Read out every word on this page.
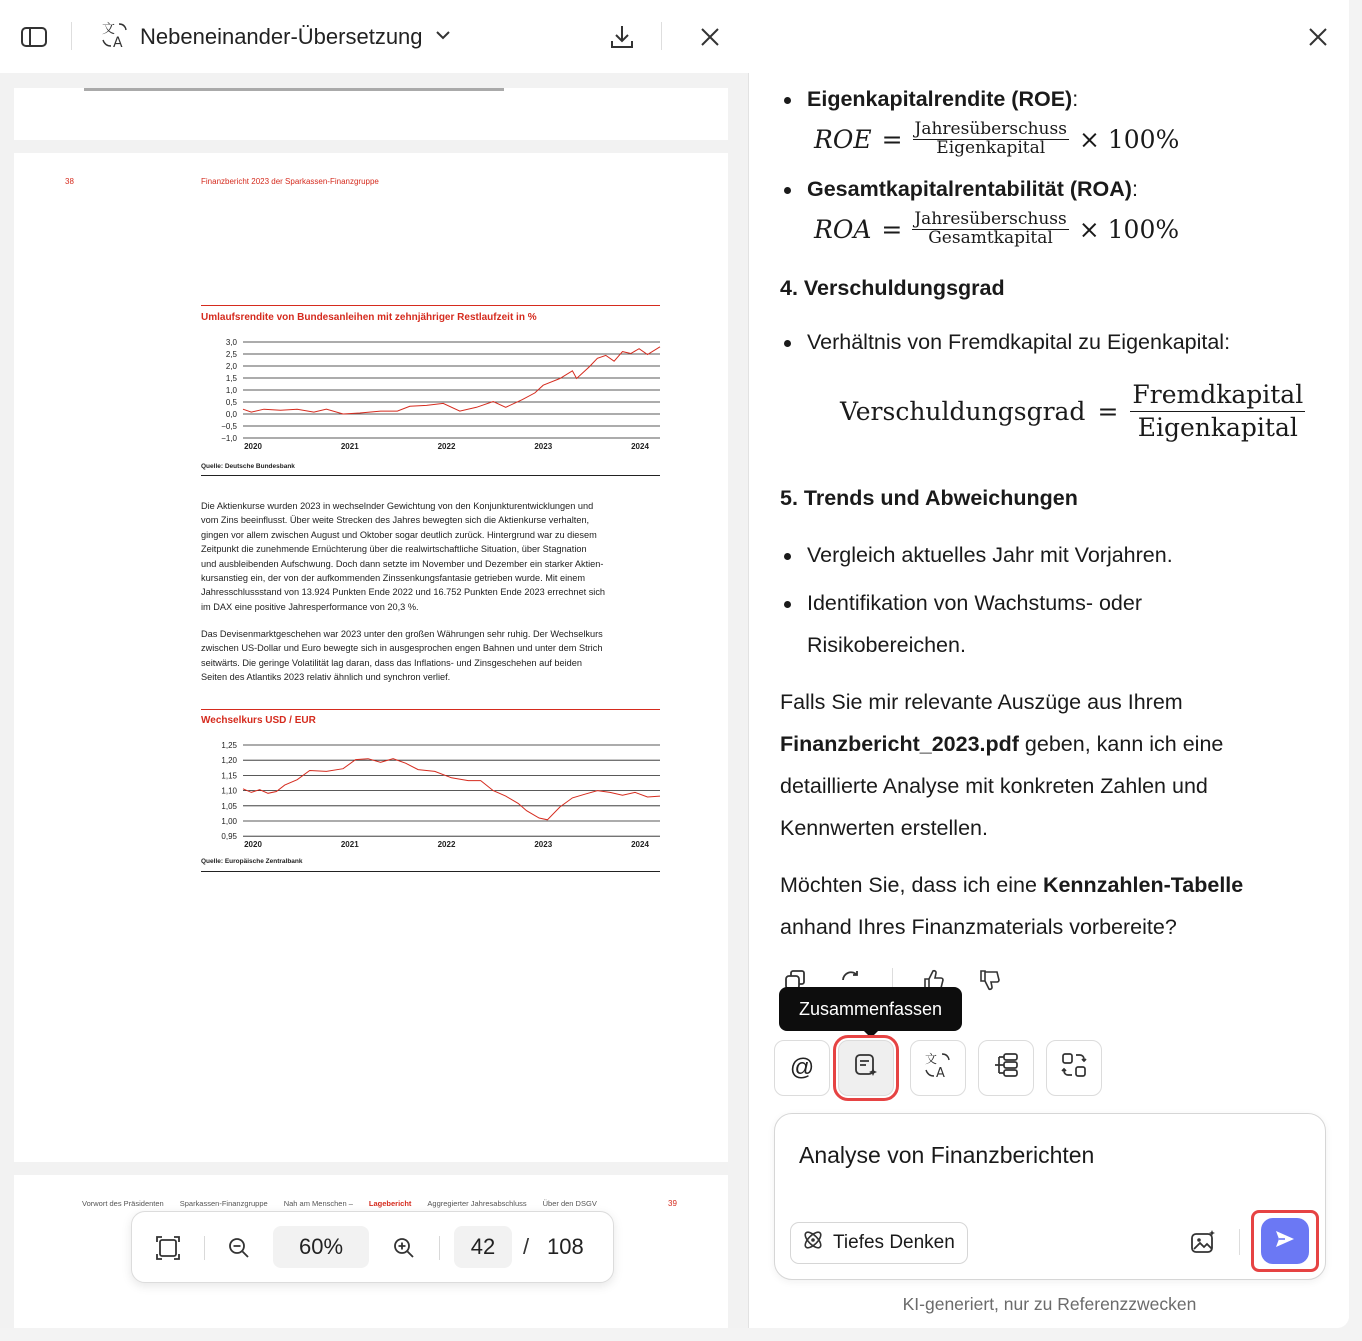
文
A Nebeneinander-Übersetzung
38	Finanzbericht 2023 der Sparkassen-Finanzgruppe
Umlaufsrendite von Bundesanleihen mit zehnjähriger Restlaufzeit in %
3,0
2,5
2,0
1,5
1,0
0,5
0,0
−0,5
−1,0
2020	2021	2022	2023	2024
Quelle: Deutsche Bundesbank
Die Aktienkurse wurden 2023 in wechselnder Gewichtung von den Konjunkturentwicklungen und
vom Zins beeinflusst. Über weite Strecken des Jahres bewegten sich die Aktienkurse verhalten,
gingen vor allem zwischen August und Oktober sogar deutlich zurück. Hintergrund war zu diesem
Zeitpunkt die zunehmende Ernüchterung über die realwirtschaftliche Situation, über Stagnation
und ausbleibenden Aufschwung. Doch dann setzte im November und Dezember ein starker Aktien-
kursanstieg ein, der von der aufkommenden Zinssenkungsfantasie getrieben wurde. Mit einem
Jahresschlussstand von 13.924 Punkten Ende 2022 und 16.752 Punkten Ende 2023 errechnet sich
im DAX eine positive Jahresperformance von 20,3 %.
Das Devisenmarktgeschehen war 2023 unter den großen Währungen sehr ruhig. Der Wechselkurs
zwischen US-Dollar und Euro bewegte sich in ausgesprochen engen Bahnen und unter dem Strich
seitwärts. Die geringe Volatilität lag daran, dass das Inflations- und Zinsgeschehen auf beiden
Seiten des Atlantiks 2023 relativ ähnlich und synchron verlief.
Wechselkurs USD / EUR
1,25
1,20
1,15
1,10
1,05
1,00
0,95
2020	2021	2022	2023	2024
Quelle: Europäische Zentralbank
Vorwort des Präsidenten Sparkassen-Finanzgruppe Nah am Menschen – Lagebericht Aggregierter Jahresabschluss Über den DSGV	39
60%	42	/ 108
Eigenkapitalrendite (ROE):
ROE = $\frac{\text{Jahresüberschuss}}{\text{Eigenkapital}} \times 100\%$
Gesamtkapitalrentabilität (ROA):
ROA = $\frac{\text{Jahresüberschuss}}{\text{Gesamtkapital}} \times 100\%$
4. Verschuldungsgrad
Verhältnis von Fremdkapital zu Eigenkapital:
Verschuldungsgrad = $\frac{\text{Fremdkapital}}{\text{Eigenkapital}}$
5. Trends und Abweichungen
Vergleich aktuelles Jahr mit Vorjahren.
Identifikation von Wachstums- oder
Risikobereichen.
Falls Sie mir relevante Auszüge aus Ihrem
Finanzbericht_2023.pdf geben, kann ich eine
detaillierte Analyse mit konkreten Zahlen und
Kennwerten erstellen.
Möchten Sie, dass ich eine Kennzahlen-Tabelle
anhand Ihres Finanzmaterials vorbereite?
Zusammenfassen
@	文
A
Analyse von Finanzberichten
Tiefes Denken
KI-generiert, nur zu Referenzzwecken
